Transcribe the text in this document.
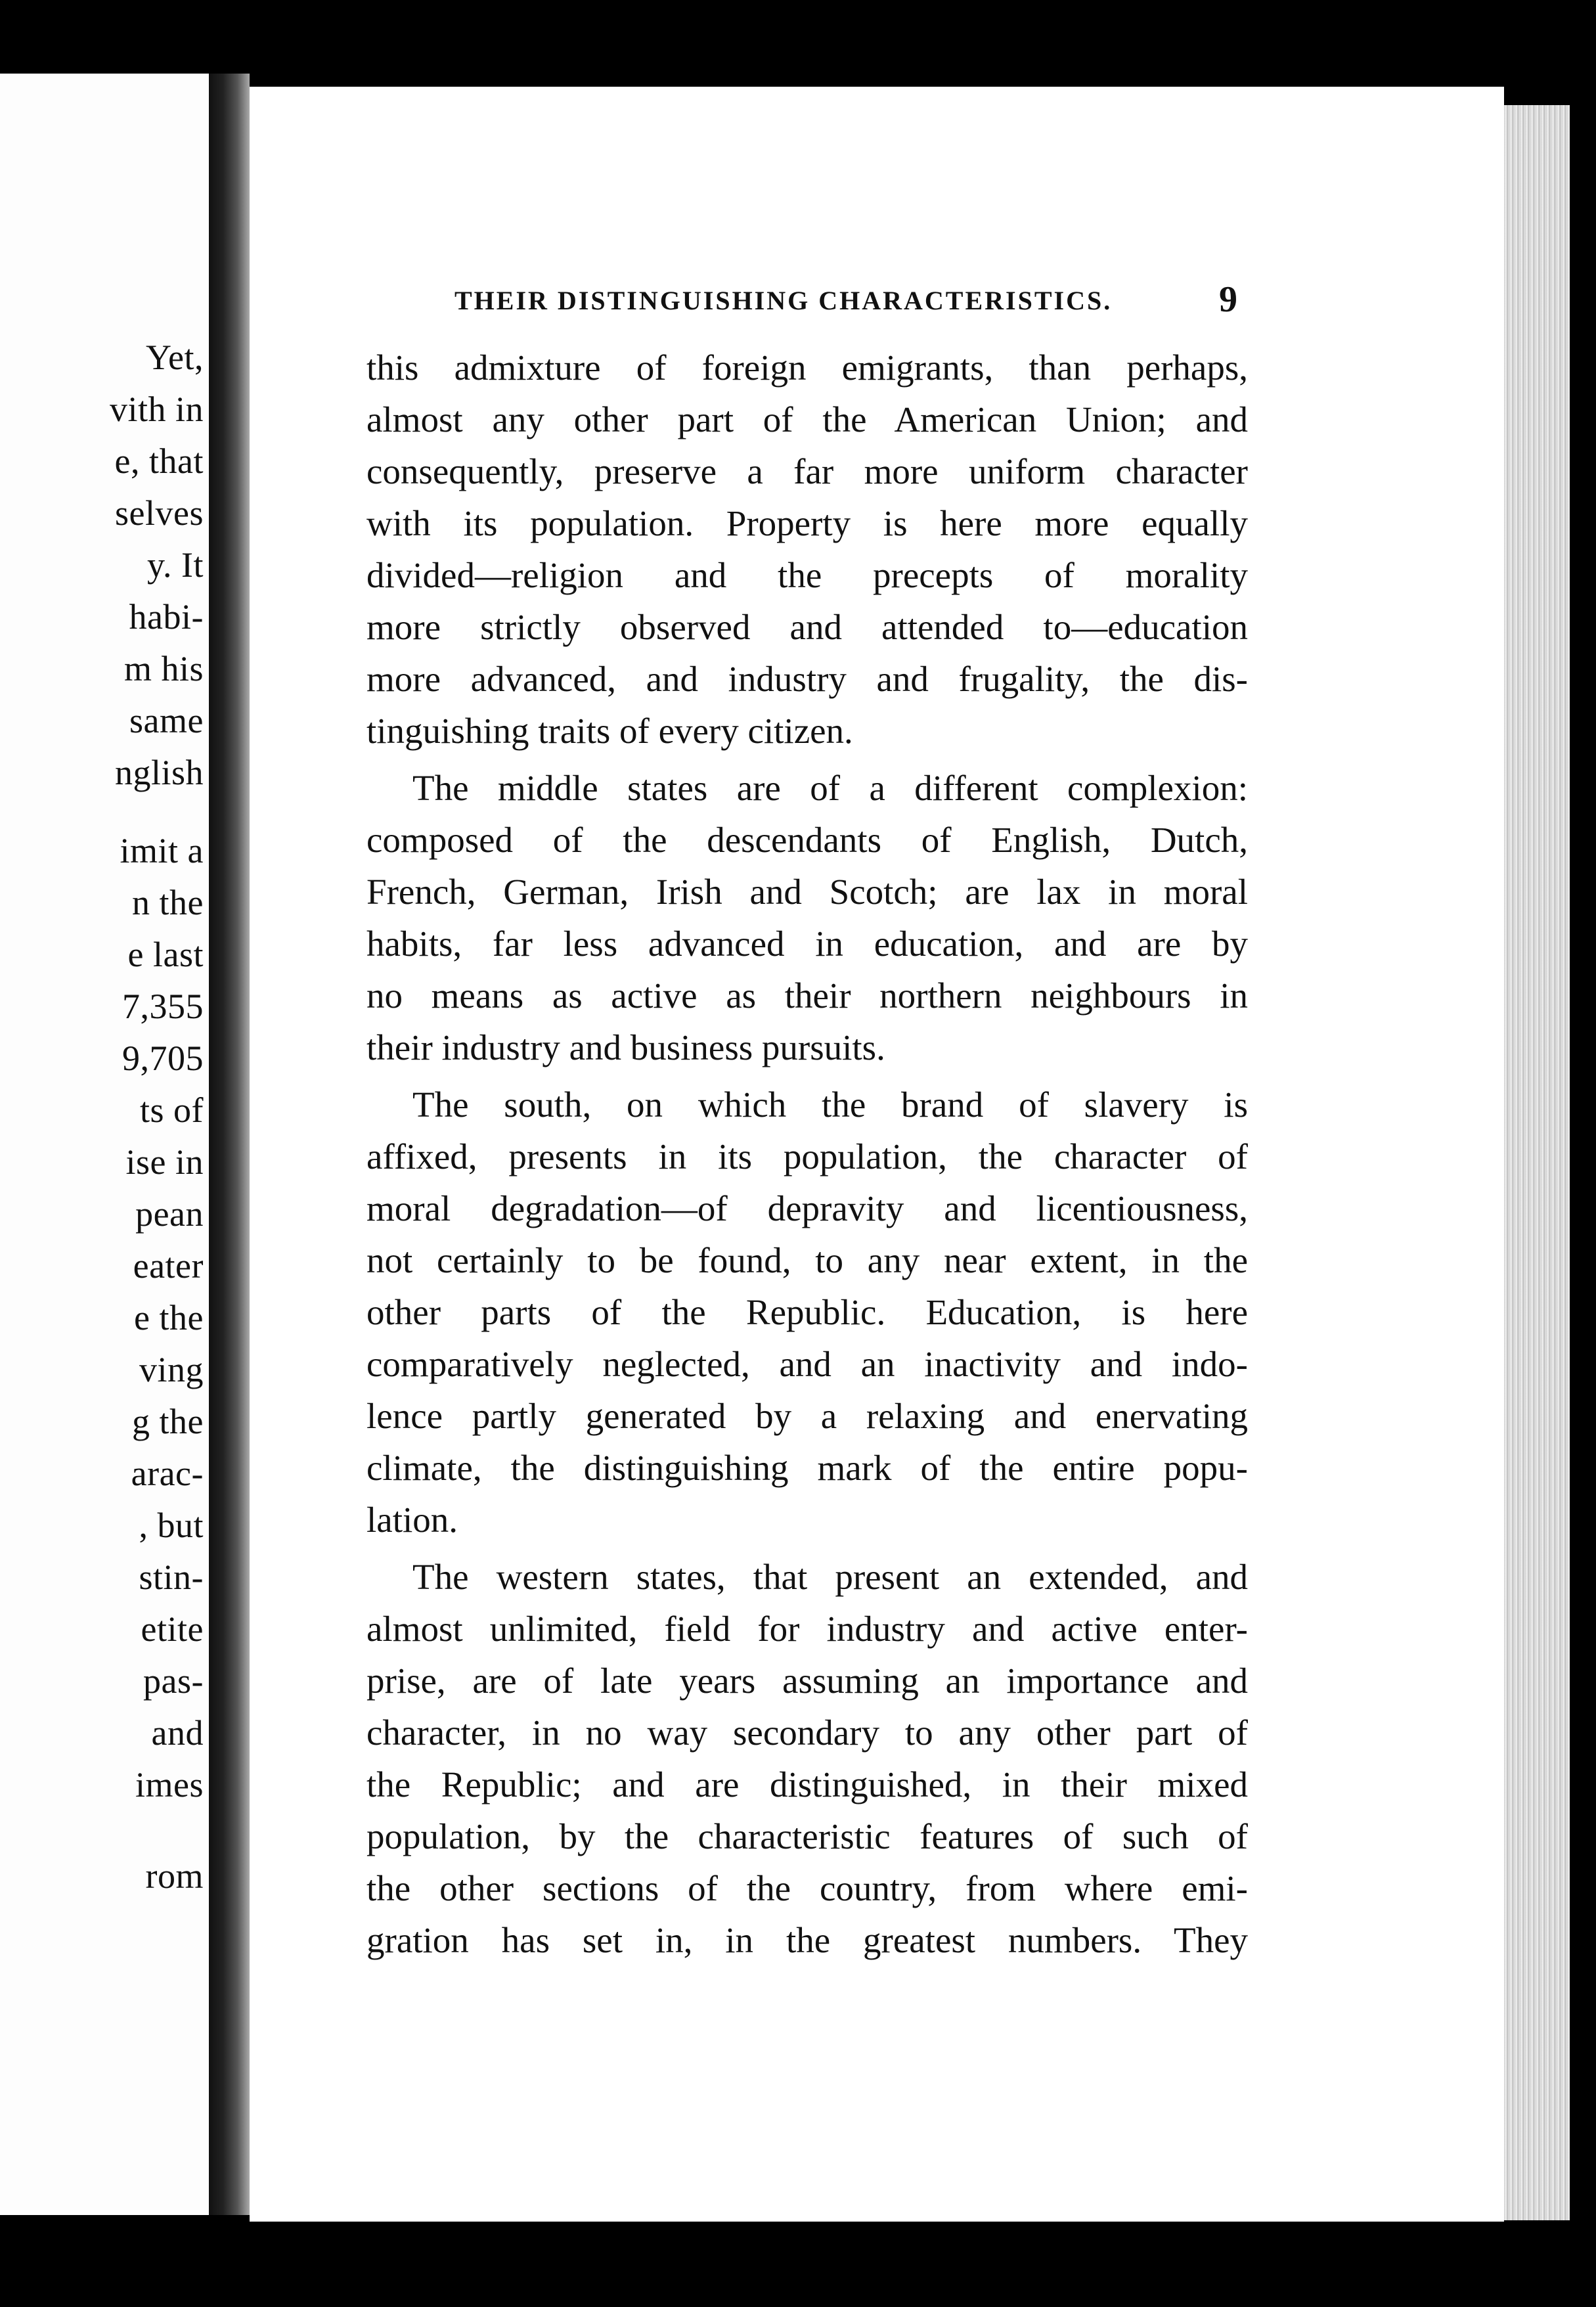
Yet,
vith in
e, that
selves
y. It
habi-
m his
same
nglish
imit a
n the
e last
7,355
9,705
ts of
ise in
pean
eater
e the
ving
g the
arac-
, but
stin-
etite
pas-
and
imes
rom
THEIR DISTINGUISHING CHARACTERISTICS.	9

this admixture of foreign emigrants, than perhaps,
almost any other part of the American Union; and
consequently, preserve a far more uniform character
with its population. Property is here more equally
divided—religion and the precepts of morality
more strictly observed and attended to—education
more advanced, and industry and frugality, the dis-
tinguishing traits of every citizen.

The middle states are of a different complexion:
composed of the descendants of English, Dutch,
French, German, Irish and Scotch; are lax in moral
habits, far less advanced in education, and are by
no means as active as their northern neighbours in
their industry and business pursuits.

The south, on which the brand of slavery is
affixed, presents in its population, the character of
moral degradation—of depravity and licentiousness,
not certainly to be found, to any near extent, in the
other parts of the Republic. Education, is here
comparatively neglected, and an inactivity and indo-
lence partly generated by a relaxing and enervating
climate, the distinguishing mark of the entire popu-
lation.

The western states, that present an extended, and
almost unlimited, field for industry and active enter-
prise, are of late years assuming an importance and
character, in no way secondary to any other part of
the Republic; and are distinguished, in their mixed
population, by the characteristic features of such of
the other sections of the country, from where emi-
gration has set in, in the greatest numbers. They
